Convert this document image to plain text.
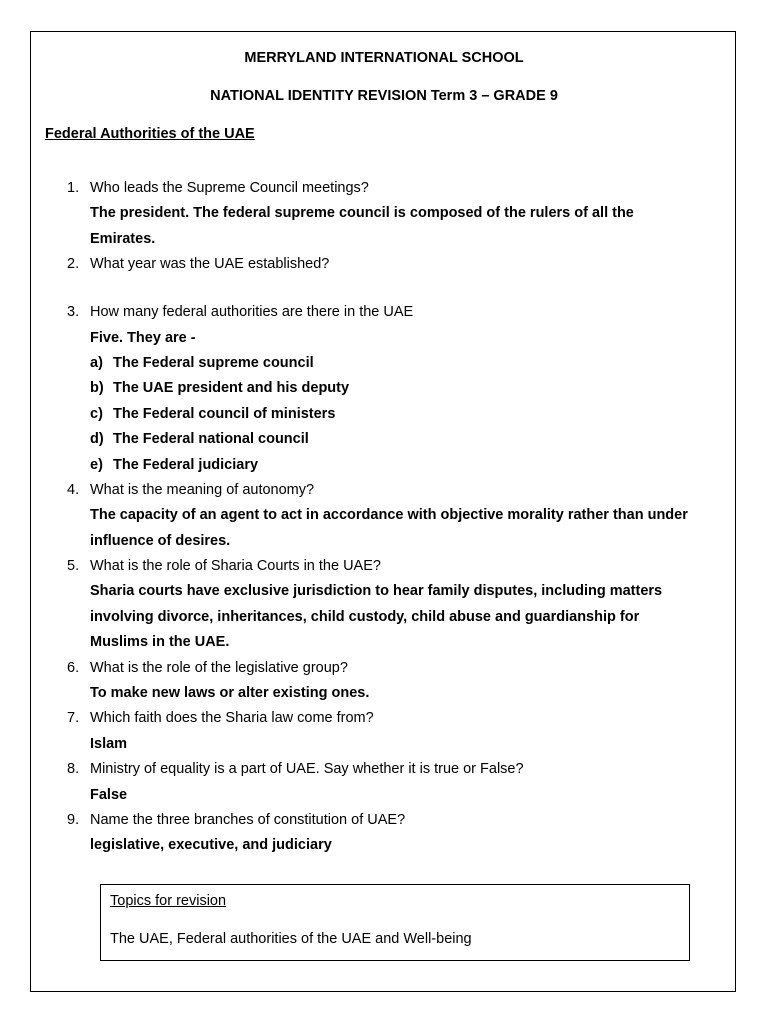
MERRYLAND INTERNATIONAL SCHOOL
NATIONAL IDENTITY REVISION Term 3 – GRADE 9
Federal Authorities of the UAE
1. Who leads the Supreme Council meetings?
The president. The federal supreme council is composed of the rulers of all the
Emirates.
2. What year was the UAE established?
3. How many federal authorities are there in the UAE
Five. They are -
a) The Federal supreme council
b) The UAE president and his deputy
c) The Federal council of ministers
d) The Federal national council
e) The Federal judiciary
4. What is the meaning of autonomy?
The capacity of an agent to act in accordance with objective morality rather than under
influence of desires.
5. What is the role of Sharia Courts in the UAE?
Sharia courts have exclusive jurisdiction to hear family disputes, including matters
involving divorce, inheritances, child custody, child abuse and guardianship for
Muslims in the UAE.
6. What is the role of the legislative group?
To make new laws or alter existing ones.
7. Which faith does the Sharia law come from?
Islam
8. Ministry of equality is a part of UAE. Say whether it is true or False?
False
9. Name the three branches of constitution of UAE?
legislative, executive, and judiciary
Topics for revision
The UAE, Federal authorities of the UAE and Well-being
